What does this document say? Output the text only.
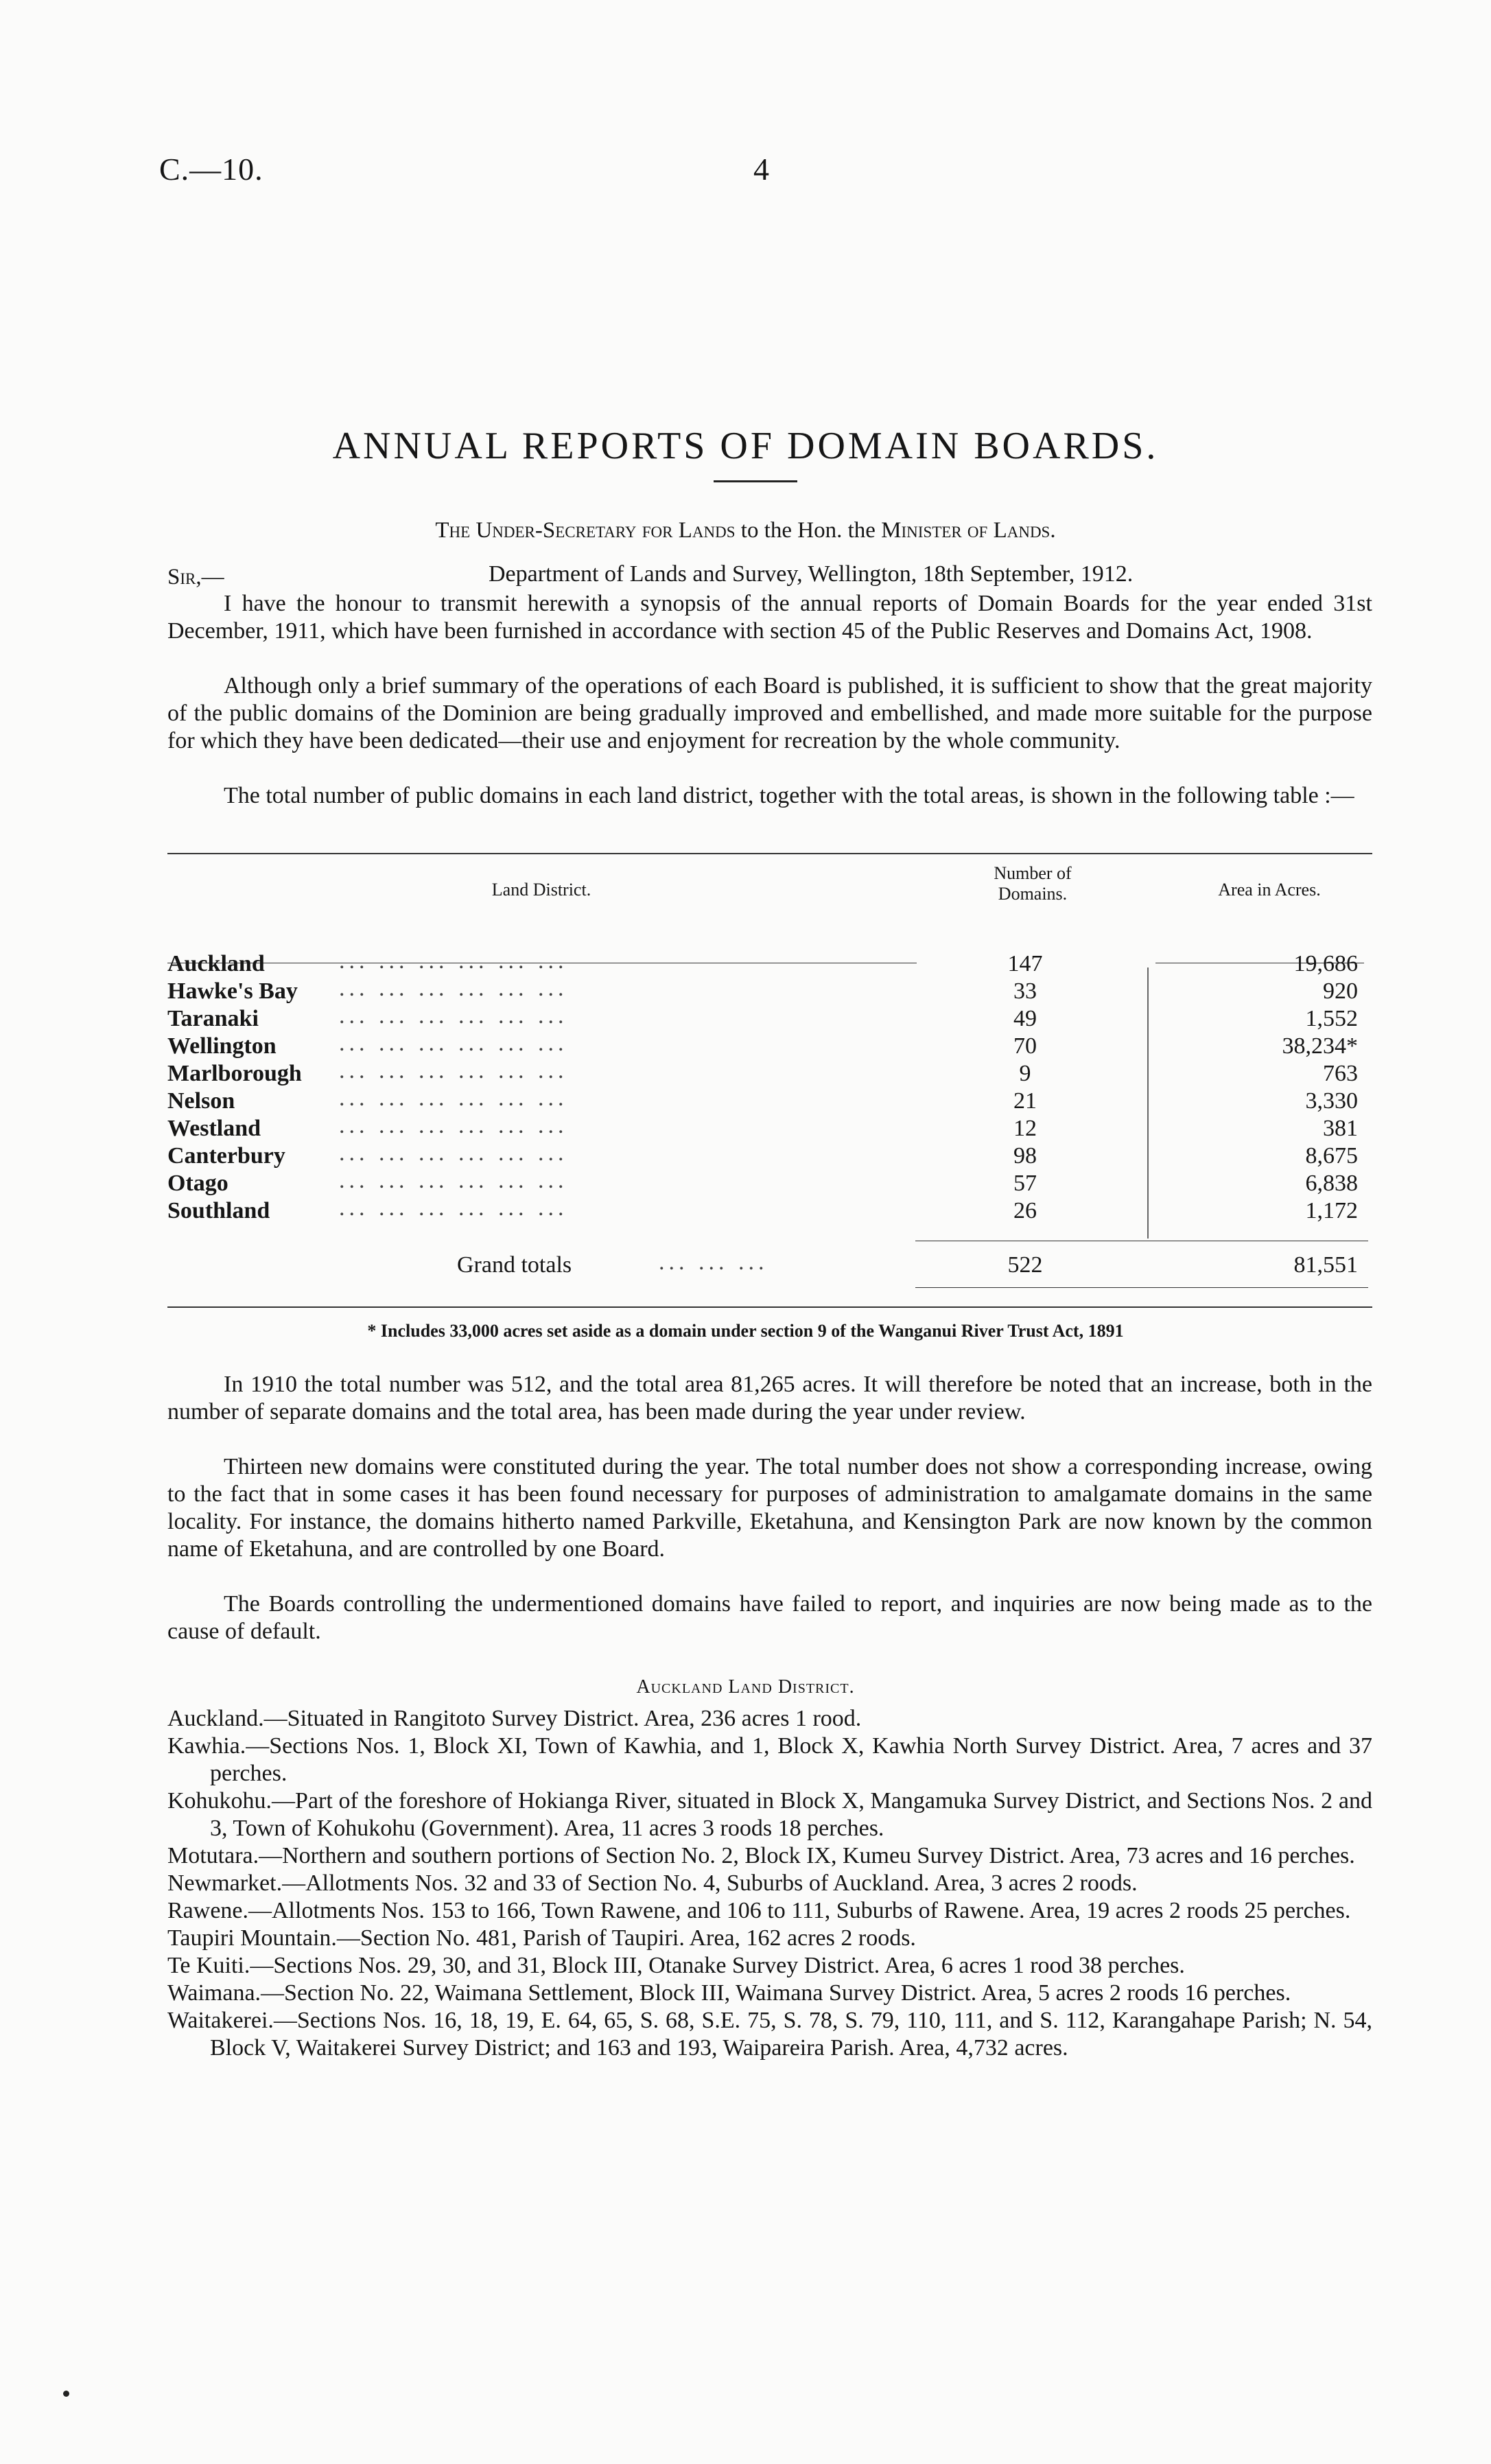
C.—10.	4
ANNUAL REPORTS OF DOMAIN BOARDS.
The Under-Secretary for Lands to the Hon. the Minister of Lands.
Sir,—	Department of Lands and Survey, Wellington, 18th September, 1912.
I have the honour to transmit herewith a synopsis of the annual reports of Domain Boards for the year ended 31st December, 1911, which have been furnished in accordance with section 45 of the Public Reserves and Domains Act, 1908.
Although only a brief summary of the operations of each Board is published, it is sufficient to show that the great majority of the public domains of the Dominion are being gradually improved and embellished, and made more suitable for the purpose for which they have been dedicated—their use and enjoyment for recreation by the whole community.
The total number of public domains in each land district, together with the total areas, is shown in the following table :—
Land District.
Number of Domains.	Area in Acres.
Auckland	... ... ... ... ... ...	147	19,686
Hawke's Bay ... ... ... ... ... ...	33	920
Taranaki	... ... ... ... ... ...	49	1,552
Wellington	... ... ... ... ... ...	70	38,234*
Marlborough ... ... ... ... ... ...	9	763
Nelson	... ... ... ... ... ...	21	3,330
Westland	... ... ... ... ... ...	12	381
Canterbury ... ... ... ... ... ...	98	8,675
Otago	... ... ... ... ... ...	57	6,838
Southland	... ... ... ... ... ...	26	1,172
Grand totals	... ... ...	522	81,551
* Includes 33,000 acres set aside as a domain under section 9 of the Wanganui River Trust Act, 1891
In 1910 the total number was 512, and the total area 81,265 acres. It will therefore be noted that an increase, both in the number of separate domains and the total area, has been made during the year under review.
Thirteen new domains were constituted during the year. The total number does not show a corresponding increase, owing to the fact that in some cases it has been found necessary for purposes of administration to amalgamate domains in the same locality. For instance, the domains hitherto named Parkville, Eketahuna, and Kensington Park are now known by the common name of Eketahuna, and are controlled by one Board.
The Boards controlling the undermentioned domains have failed to report, and inquiries are now being made as to the cause of default.
Auckland Land District.

Auckland.—Situated in Rangitoto Survey District. Area, 236 acres 1 rood.

Kawhia.—Sections Nos. 1, Block XI, Town of Kawhia, and 1, Block X, Kawhia North Survey District. Area, 7 acres and 37 perches.

Kohukohu.—Part of the foreshore of Hokianga River, situated in Block X, Mangamuka Survey District, and Sections Nos. 2 and 3, Town of Kohukohu (Government). Area, 11 acres 3 roods 18 perches.

Motutara.—Northern and southern portions of Section No. 2, Block IX, Kumeu Survey District. Area, 73 acres and 16 perches.

Newmarket.—Allotments Nos. 32 and 33 of Section No. 4, Suburbs of Auckland. Area, 3 acres 2 roods.

Rawene.—Allotments Nos. 153 to 166, Town Rawene, and 106 to 111, Suburbs of Rawene. Area, 19 acres 2 roods 25 perches.

Taupiri Mountain.—Section No. 481, Parish of Taupiri. Area, 162 acres 2 roods.

Te Kuiti.—Sections Nos. 29, 30, and 31, Block III, Otanake Survey District. Area, 6 acres 1 rood 38 perches.

Waimana.—Section No. 22, Waimana Settlement, Block III, Waimana Survey District. Area, 5 acres 2 roods 16 perches.

Waitakerei.—Sections Nos. 16, 18, 19, E. 64, 65, S. 68, S.E. 75, S. 78, S. 79, 110, 111, and S. 112, Karangahape Parish; N. 54, Block V, Waitakerei Survey District; and 163 and 193, Waipareira Parish. Area, 4,732 acres.
